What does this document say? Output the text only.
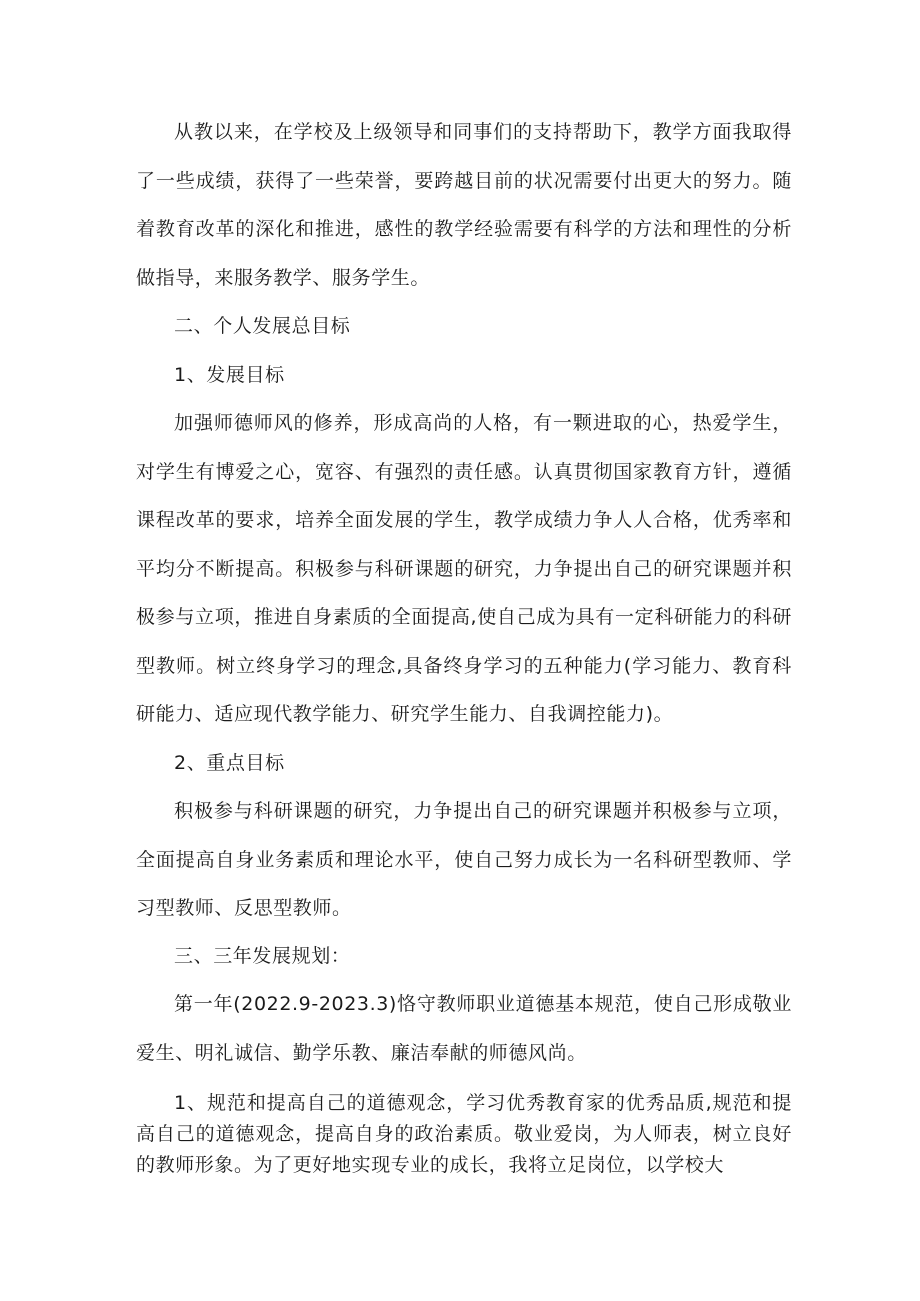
从教以来，在学校及上级领导和同事们的支持帮助下，教学方面我取得了一些成绩，获得了一些荣誉，要跨越目前的状况需要付出更大的努力。随着教育改革的深化和推进，感性的教学经验需要有科学的方法和理性的分析做指导，来服务教学、服务学生。

二、个人发展总目标

1、发展目标

加强师德师风的修养，形成高尚的人格，有一颗进取的心，热爱学生，对学生有博爱之心，宽容、有强烈的责任感。认真贯彻国家教育方针，遵循课程改革的要求，培养全面发展的学生，教学成绩力争人人合格，优秀率和平均分不断提高。积极参与科研课题的研究，力争提出自己的研究课题并积极参与立项，推进自身素质的全面提高,使自己成为具有一定科研能力的科研型教师。树立终身学习的理念,具备终身学习的五种能力(学习能力、教育科研能力、适应现代教学能力、研究学生能力、自我调控能力)。

2、重点目标

积极参与科研课题的研究，力争提出自己的研究课题并积极参与立项，全面提高自身业务素质和理论水平，使自己努力成长为一名科研型教师、学习型教师、反思型教师。

三、三年发展规划：

第一年(2022.9-2023.3)恪守教师职业道德基本规范，使自己形成敬业爱生、明礼诚信、勤学乐教、廉洁奉献的师德风尚。

1、规范和提高自己的道德观念，学习优秀教育家的优秀品质,规范和提高自己的道德观念，提高自身的政治素质。敬业爱岗，为人师表，树立良好的教师形象。为了更好地实现专业的成长，我将立足岗位，以学校大
